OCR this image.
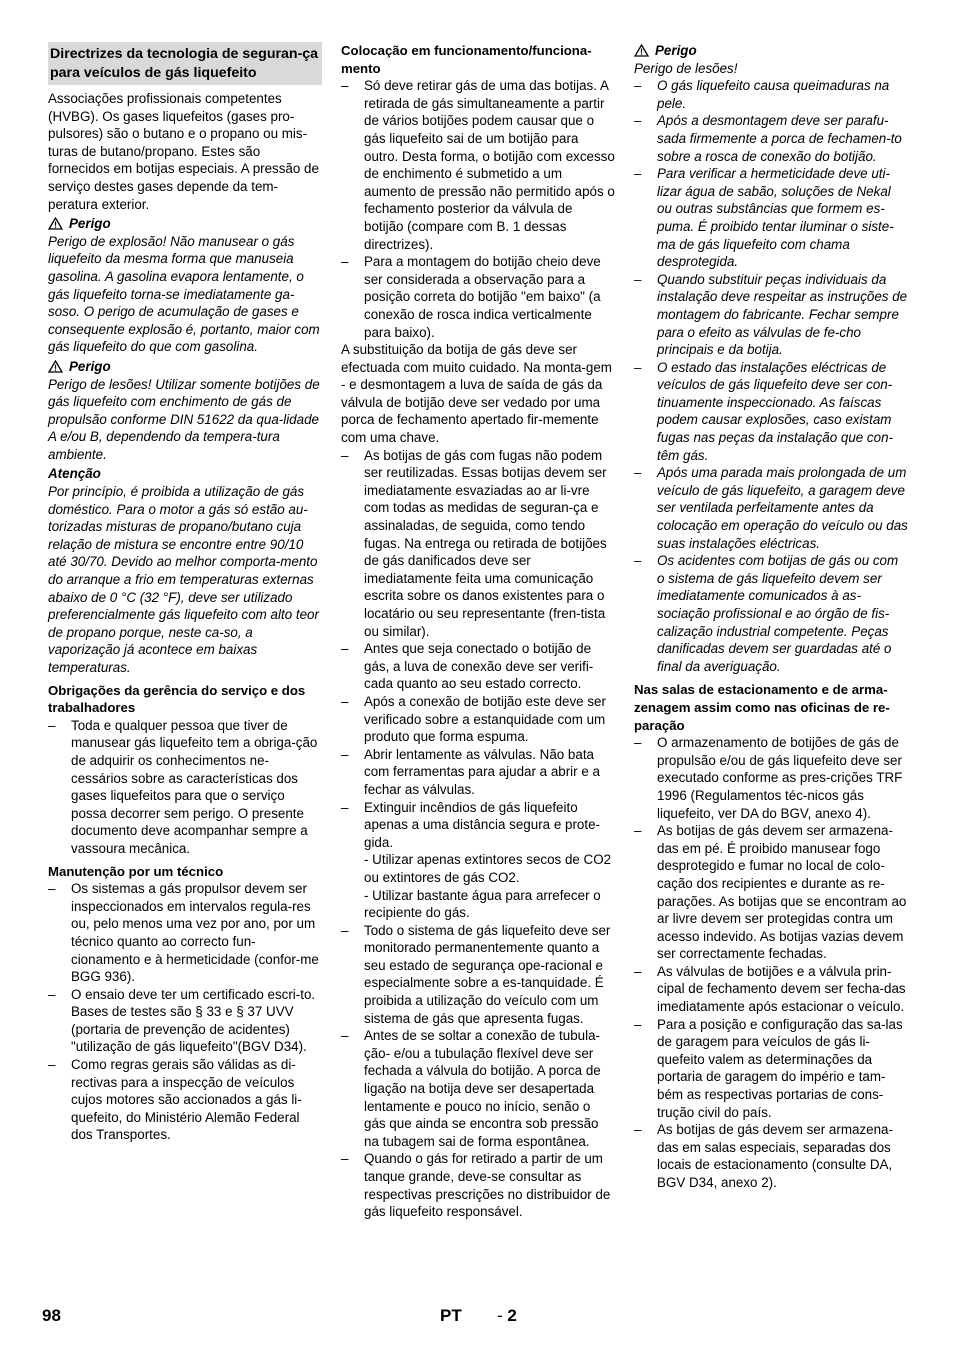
Directrizes da tecnologia de seguran-ça para veículos de gás liquefeito

Associações profissionais competentes (HVBG). Os gases liquefeitos (gases pro-pulsores) são o butano e o propano ou mis-turas de butano/propano. Estes são fornecidos em botijas especiais. A pressão de serviço destes gases depende da tem-peratura exterior.

Perigo

Perigo de explosão! Não manusear o gás liquefeito da mesma forma que manuseia gasolina. A gasolina evapora lentamente, o gás liquefeito torna-se imediatamente ga-soso. O perigo de acumulação de gases e consequente explosão é, portanto, maior com gás liquefeito do que com gasolina.

Perigo

Perigo de lesões! Utilizar somente botijões de gás liquefeito com enchimento de gás de propulsão conforme DIN 51622 da qua-lidade A e/ou B, dependendo da tempera-tura ambiente.

Atenção

Por princípio, é proibida a utilização de gás doméstico. Para o motor a gás só estão au-torizadas misturas de propano/butano cuja relação de mistura se encontre entre 90/10 até 30/70. Devido ao melhor comporta-mento do arranque a frio em temperaturas externas abaixo de 0 °C (32 °F), deve ser utilizado preferencialmente gás liquefeito com alto teor de propano porque, neste ca-so, a vaporização já acontece em baixas temperaturas.

Obrigações da gerência do serviço e dos trabalhadores

– Toda e qualquer pessoa que tiver de manusear gás liquefeito tem a obriga-ção de adquirir os conhecimentos ne-cessários sobre as características dos gases liquefeitos para que o serviço possa decorrer sem perigo. O presente documento deve acompanhar sempre a vassoura mecânica.

Manutenção por um técnico

– Os sistemas a gás propulsor devem ser inspeccionados em intervalos regula-res ou, pelo menos uma vez por ano, por um técnico quanto ao correcto fun-cionamento e à hermeticidade (confor-me BGG 936).
– O ensaio deve ter um certificado escri-to. Bases de testes são § 33 e § 37 UVV (portaria de prevenção de acidentes) "utilização de gás liquefeito"(BGV D34).
– Como regras gerais são válidas as di-rectivas para a inspecção de veículos cujos motores são accionados a gás li-quefeito, do Ministério Alemão Federal dos Transportes.

Colocação em funcionamento/funciona-mento

– Só deve retirar gás de uma das botijas. A retirada de gás simultaneamente a partir de vários botijões podem causar que o gás liquefeito sai de um botijão para outro. Desta forma, o botijão com excesso de enchimento é submetido a um aumento de pressão não permitido após o fechamento posterior da válvula de botijão (compare com B. 1 dessas directrizes).
– Para a montagem do botijão cheio deve ser considerada a observação para a posição correta do botijão "em baixo" (a conexão de rosca indica verticalmente para baixo).

A substituição da botija de gás deve ser efectuada com muito cuidado. Na monta-gem - e desmontagem a luva de saída de gás da válvula de botijão deve ser vedado por uma porca de fechamento apertado fir-memente com uma chave.

– As botijas de gás com fugas não podem ser reutilizadas. Essas botijas devem ser imediatamente esvaziadas ao ar li-vre com todas as medidas de seguran-ça e assinaladas, de seguida, como tendo fugas. Na entrega ou retirada de botijões de gás danificados deve ser imediatamente feita uma comunicação escrita sobre os danos existentes para o locatário ou seu representante (fren-tista ou similar).
– Antes que seja conectado o botijão de gás, a luva de conexão deve ser verifi-cada quanto ao seu estado correcto.
– Após a conexão de botijão este deve ser verificado sobre a estanquidade com um produto que forma espuma.
– Abrir lentamente as válvulas. Não bata com ferramentas para ajudar a abrir e a fechar as válvulas.
– Extinguir incêndios de gás liquefeito apenas a uma distância segura e prote-gida.

- Utilizar apenas extintores secos de CO2 ou extintores de gás CO2.

- Utilizar bastante água para arrefecer o recipiente do gás.

– Todo o sistema de gás liquefeito deve ser monitorado permanentemente quanto a seu estado de segurança ope-racional e especialmente sobre a es-tanquidade. É proibida a utilização do veículo com um sistema de gás que apresenta fugas.
– Antes de se soltar a conexão de tubula-ção- e/ou a tubulação flexível deve ser fechada a válvula do botijão. A porca de ligação na botija deve ser desapertada lentamente e pouco no início, senão o gás que ainda se encontra sob pressão na tubagem sai de forma espontânea.
– Quando o gás for retirado a partir de um tanque grande, deve-se consultar as respectivas prescrições no distribuidor de gás liquefeito responsável.
Perigo

Perigo de lesões!

– O gás liquefeito causa queimaduras na pele.
– Após a desmontagem deve ser parafu-sada firmemente a porca de fechamen-to sobre a rosca de conexão do botijão.
– Para verificar a hermeticidade deve uti-lizar água de sabão, soluções de Nekal ou outras substâncias que formem es-puma. É proibido tentar iluminar o siste-ma de gás liquefeito com chama desprotegida.
– Quando substituir peças individuais da instalação deve respeitar as instruções de montagem do fabricante. Fechar sempre para o efeito as válvulas de fe-cho principais e da botija.
– O estado das instalações eléctricas de veículos de gás liquefeito deve ser con-tinuamente inspeccionado. As faíscas podem causar explosões, caso existam fugas nas peças da instalação que con-têm gás.
– Após uma parada mais prolongada de um veículo de gás liquefeito, a garagem deve ser ventilada perfeitamente antes da colocação em operação do veículo ou das suas instalações eléctricas.
– Os acidentes com botijas de gás ou com o sistema de gás liquefeito devem ser imediatamente comunicados à as-sociação profissional e ao órgão de fis-calização industrial competente. Peças danificadas devem ser guardadas até o final da averiguação.

Nas salas de estacionamento e de arma-zenagem assim como nas oficinas de re-paração

– O armazenamento de botijões de gás de propulsão e/ou de gás liquefeito deve ser executado conforme as pres-crições TRF 1996 (Regulamentos téc-nicos gás liquefeito, ver DA do BGV, anexo 4).
– As botijas de gás devem ser armazena-das em pé. É proibido manusear fogo desprotegido e fumar no local de colo-cação dos recipientes e durante as re-parações. As botijas que se encontram ao ar livre devem ser protegidas contra um acesso indevido. As botijas vazias devem ser correctamente fechadas.
– As válvulas de botijões e a válvula prin-cipal de fechamento devem ser fecha-das imediatamente após estacionar o veículo.
– Para a posição e configuração das sa-las de garagem para veículos de gás li-quefeito valem as determinações da portaria de garagem do império e tam-bém as respectivas portarias de cons-trução civil do país.
– As botijas de gás devem ser armazena-das em salas especiais, separadas dos locais de estacionamento (consulte DA, BGV D34, anexo 2).
98	PT - 2
